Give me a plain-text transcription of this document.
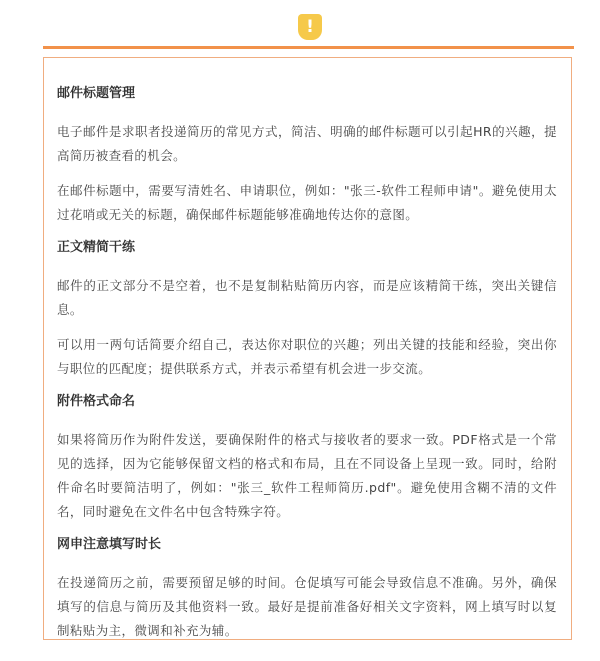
!
邮件标题管理

电子邮件是求职者投递简历的常见方式，简洁、明确的邮件标题可以引起HR的兴趣，提高简历被查看的机会。

在邮件标题中，需要写清姓名、申请职位，例如："张三-软件工程师申请"。避免使用太过花哨或无关的标题，确保邮件标题能够准确地传达你的意图。

正文精简干练

邮件的正文部分不是空着，也不是复制粘贴简历内容，而是应该精简干练，突出关键信息。

可以用一两句话简要介绍自己，表达你对职位的兴趣；列出关键的技能和经验，突出你与职位的匹配度；提供联系方式，并表示希望有机会进一步交流。

附件格式命名

如果将简历作为附件发送，要确保附件的格式与接收者的要求一致。PDF格式是一个常见的选择，因为它能够保留文档的格式和布局，且在不同设备上呈现一致。同时，给附件命名时要简洁明了，例如："张三_软件工程师简历.pdf"。避免使用含糊不清的文件名，同时避免在文件名中包含特殊字符。

网申注意填写时长

在投递简历之前，需要预留足够的时间。仓促填写可能会导致信息不准确。另外，确保填写的信息与简历及其他资料一致。最好是提前准备好相关文字资料，网上填写时以复制粘贴为主，微调和补充为辅。
